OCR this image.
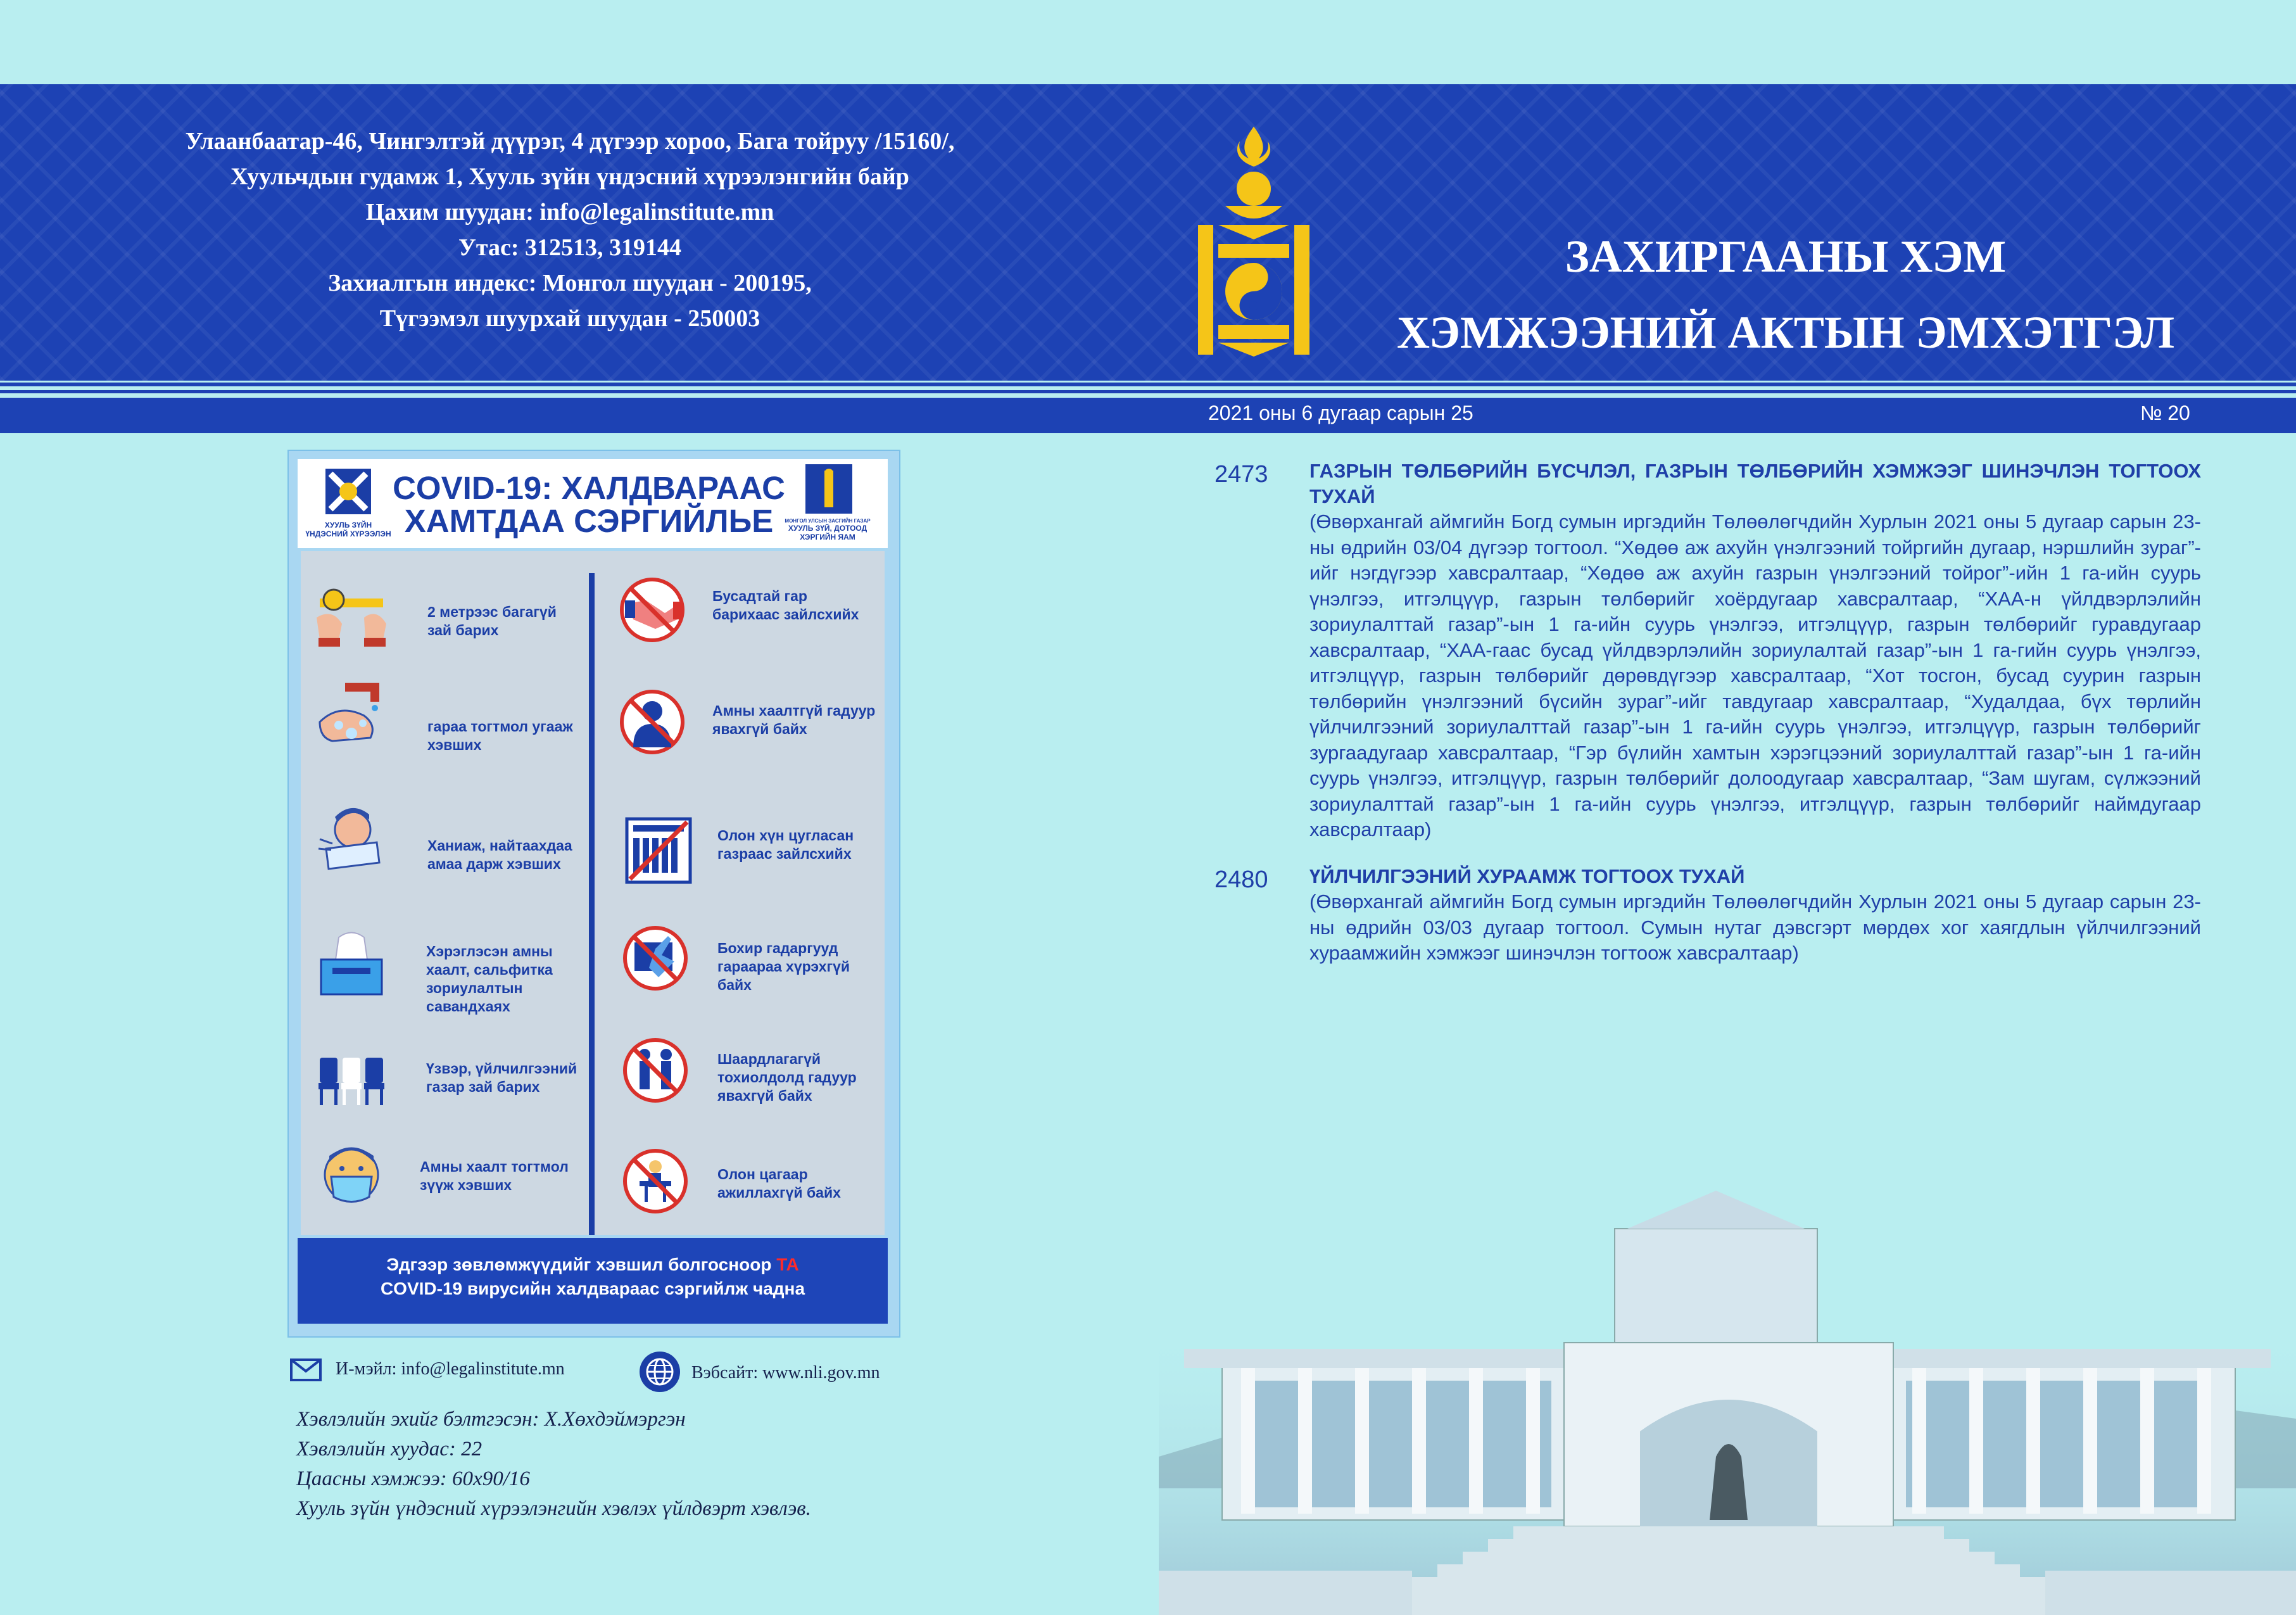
Улаанбаатар-46, Чингэлтэй дүүрэг, 4 дүгээр хороо, Бага тойруу /15160/,
Хуульчдын гудамж 1, Хууль зүйн үндэсний хүрээлэнгийн байр
Цахим шуудан: info@legalinstitute.mn
Утас: 312513, 319144
Захиалгын индекс: Монгол шуудан - 200195,
Түгээмэл шуурхай шуудан - 250003
ЗАХИРГААНЫ ХЭМ
ХЭМЖЭЭНИЙ АКТЫН ЭМХЭТГЭЛ
2021 оны 6 дугаар сарын 25	№ 20
2473 ГАЗРЫН ТӨЛБӨРИЙН БҮСЧЛЭЛ, ГАЗРЫН ТӨЛБӨРИЙН ХЭМЖЭЭГ ШИНЭЧЛЭН ТОГТООХ ТУХАЙ
(Өвөрхангай аймгийн Богд сумын иргэдийн Төлөөлөгчдийн Хурлын 2021 оны 5 дугаар сарын 23-ны өдрийн 03/04 дүгээр тогтоол. “Хөдөө аж ахуйн үнэлгээний тойргийн дугаар, нэршлийн зураг”-ийг нэгдүгээр хавсралтаар, “Хөдөө аж ахуйн газрын үнэлгээний тойрог”-ийн 1 га-ийн суурь үнэлгээ, итгэлцүүр, газрын төлбөрийг хоёрдугаар хавсралтаар, “ХАА-н үйлдвэрлэлийн зориулалттай газар”-ын 1 га-ийн суурь үнэлгээ, итгэлцүүр, газрын төлбөрийг гуравдугаар хавсралтаар, “ХАА-гаас бусад үйлдвэрлэлийн зориулалтай газар”-ын 1 га-гийн суурь үнэлгээ, итгэлцүүр, газрын төлбөрийг дөрөвдүгээр хавсралтаар, “Хот тосгон, бусад суурин газрын төлбөрийн үнэлгээний бүсийн зураг”-ийг тавдугаар хавсралтаар, “Худалдаа, бүх төрлийн үйлчилгээний зориулалттай газар”-ын 1 га-ийн суурь үнэлгээ, итгэлцүүр, газрын төлбөрийг зургаадугаар хавсралтаар, “Гэр бүлийн хамтын хэрэгцээний зориулалттай газар”-ын 1 га-ийн суурь үнэлгээ, итгэлцүүр, газрын төлбөрийг долоодугаар хавсралтаар, “Зам шугам, сүлжээний зориулалттай газар”-ын 1 га-ийн суурь үнэлгээ, итгэлцүүр, газрын төлбөрийг наймдугаар хавсралтаар)
2480 ҮЙЛЧИЛГЭЭНИЙ ХУРААМЖ ТОГТООХ ТУХАЙ
(Өвөрхангай аймгийн Богд сумын иргэдийн Төлөөлөгчдийн Хурлын 2021 оны 5 дугаар сарын 23-ны өдрийн 03/03 дугаар тогтоол. Сумын нутаг дэвсгэрт мөрдөх хог хаягдлын үйлчилгээний хураамжийн хэмжээг шинэчлэн тогтоож хавсралтаар)
ХУУЛЬ ЗҮЙН
ҮНДЭСНИЙ ХҮРЭЭЛЭН
COVID-19: ХАЛДВАРААС
ХАМТДАА СЭРГИЙЛЬЕ	МОНГОЛ УЛСЫН ЗАСГИЙН ГАЗАР
ХУУЛЬ ЗҮЙ, ДОТООД ХЭРГИЙН ЯАМ
2 метрээс багагүй зай барих
гараа тогтмол угааж хэвших
Ханиаж, найтаахдаа амаа дарж хэвших
Хэрэглэсэн амны хаалт, сальфитка зориулалтын савандхаях
Үзвэр, үйлчилгээний газар зай барих
Амны хаалт тогтмол зүүж хэвших
Бусадтай гар барихаас зайлсхийх
Амны хаалтгүй гадуур явахгүй байх
Олон хүн цугласан газраас зайлсхийх
Бохир гадаргууд гараараа хүрэхгүй байх
Шаардлагагүй тохиолдолд гадуур явахгүй байх
Олон цагаар ажиллахгүй байх
Эдгээр зөвлөмжүүдийг хэвшил болгосноор ТА
COVID-19 вирусийн халдвараас сэргийлж чадна
И-мэйл: info@legalinstitute.mn	Вэбсайт: www.nli.gov.mn
Хэвлэлийн эхийг бэлтгэсэн: Х.Хөхдэймэргэн
Хэвлэлийн хуудас: 22
Цаасны хэмжээ: 60x90/16
Хууль зүйн үндэсний хүрээлэнгийн хэвлэх үйлдвэрт хэвлэв.
